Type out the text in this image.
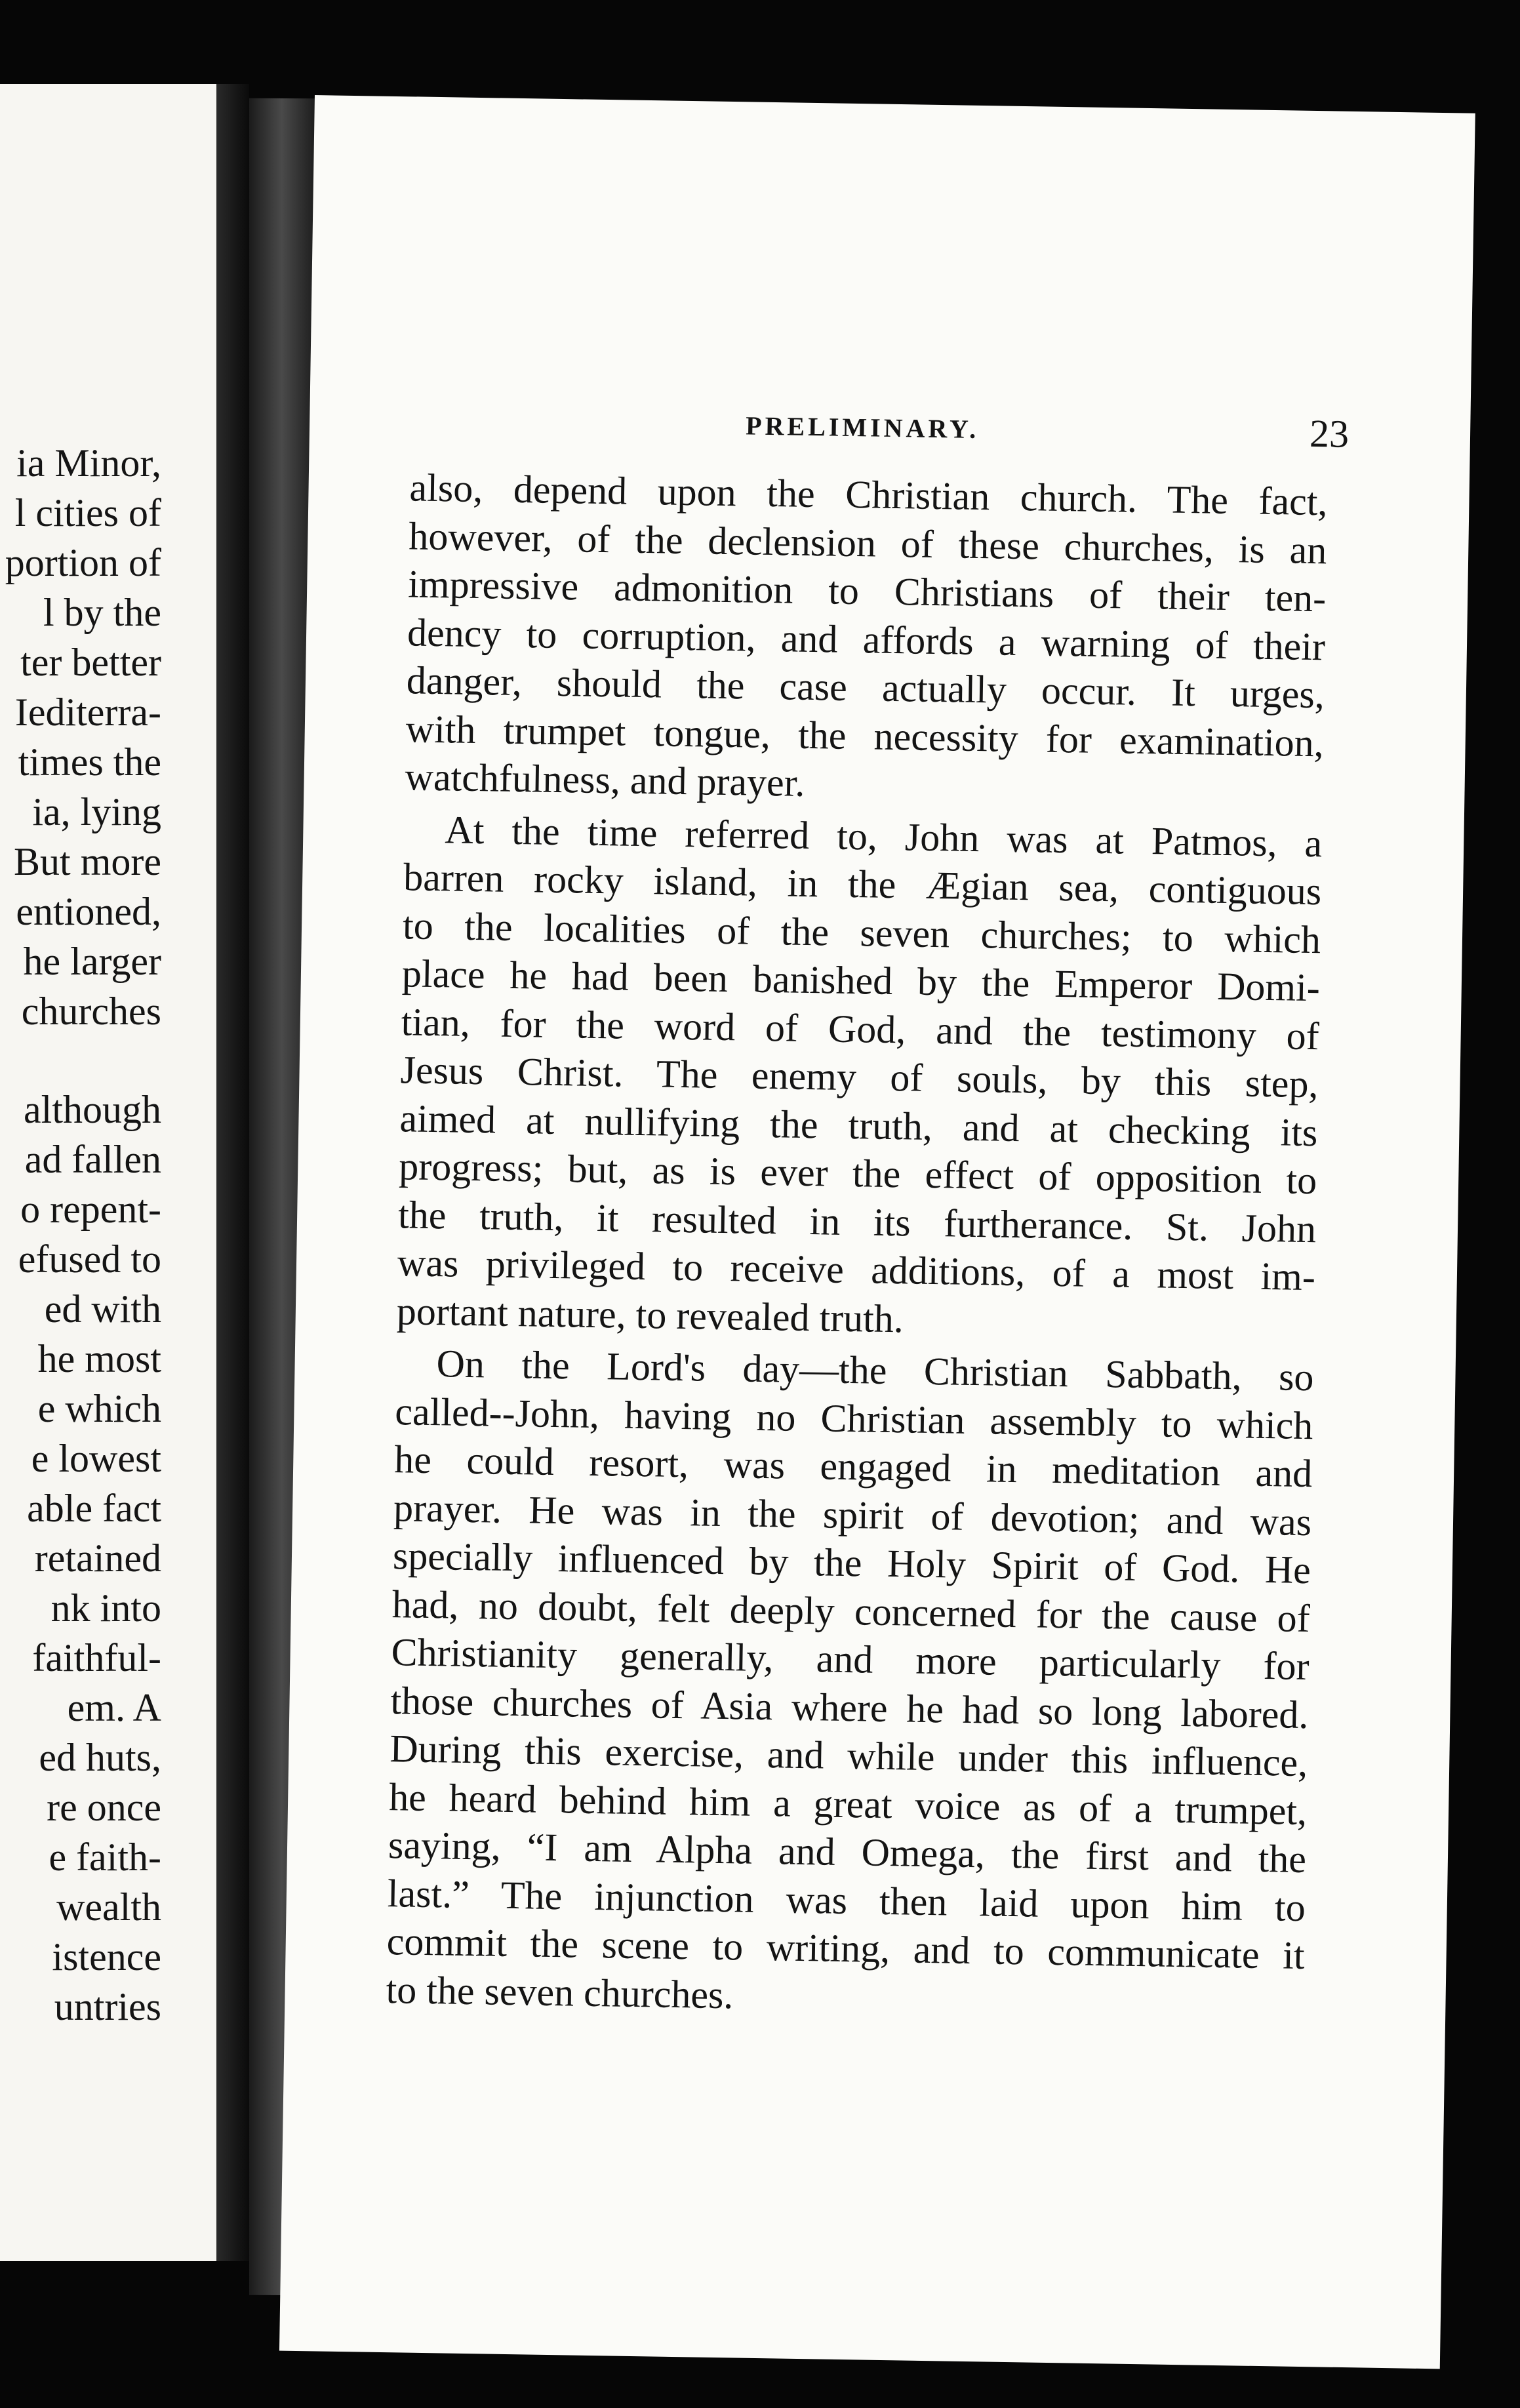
ia Minor,
l cities of
portion of
l by the
ter better
Iediterra-
times the
ia, lying
But more
entioned,
he larger
churches
although
ad fallen
o repent-
efused to
ed with
he most
e which
e lowest
able fact
retained
nk into
faithful-
em. A
ed huts,
re once
e faith-
wealth
istence
untries
PRELIMINARY.	23
also, depend upon the Christian church. The fact,
however, of the declension of these churches, is an
impressive admonition to Christians of their ten-
dency to corruption, and affords a warning of their
danger, should the case actually occur. It urges,
with trumpet tongue, the necessity for examination,
watchfulness, and prayer.
At the time referred to, John was at Patmos, a
barren rocky island, in the Ægian sea, contiguous
to the localities of the seven churches; to which
place he had been banished by the Emperor Domi-
tian, for the word of God, and the testimony of
Jesus Christ. The enemy of souls, by this step,
aimed at nullifying the truth, and at checking its
progress; but, as is ever the effect of opposition to
the truth, it resulted in its furtherance. St. John
was privileged to receive additions, of a most im-
portant nature, to revealed truth.
On the Lord's day—the Christian Sabbath, so
called--John, having no Christian assembly to which
he could resort, was engaged in meditation and
prayer. He was in the spirit of devotion; and was
specially influenced by the Holy Spirit of God. He
had, no doubt, felt deeply concerned for the cause of
Christianity generally, and more particularly for
those churches of Asia where he had so long labored.
During this exercise, and while under this influence,
he heard behind him a great voice as of a trumpet,
saying, “I am Alpha and Omega, the first and the
last.” The injunction was then laid upon him to
commit the scene to writing, and to communicate it
to the seven churches.
